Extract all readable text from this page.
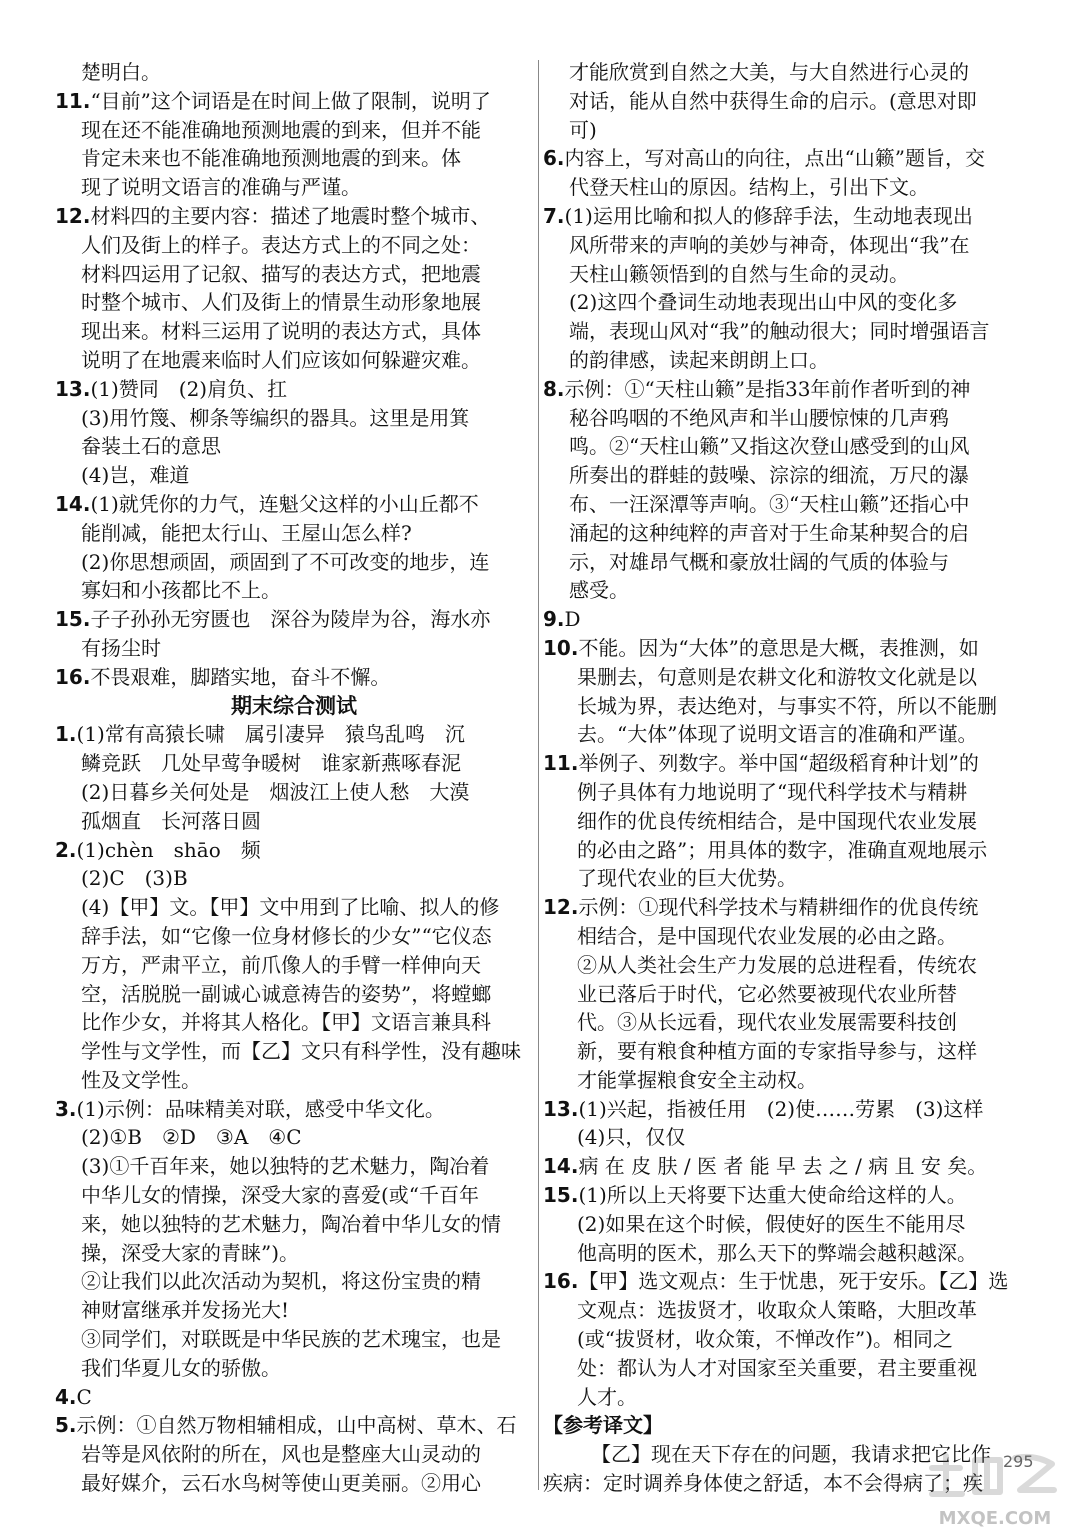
楚明白。
11.“目前”这个词语是在时间上做了限制，说明了
现在还不能准确地预测地震的到来，但并不能
肯定未来也不能准确地预测地震的到来。体
现了说明文语言的准确与严谨。
12.材料四的主要内容：描述了地震时整个城市、
人们及街上的样子。表达方式上的不同之处：
材料四运用了记叙、描写的表达方式，把地震
时整个城市、人们及街上的情景生动形象地展
现出来。材料三运用了说明的表达方式，具体
说明了在地震来临时人们应该如何躲避灾难。
13.(1)赞同　(2)肩负、扛
(3)用竹篾、柳条等编织的器具。这里是用箕
畚装土石的意思
(4)岂，难道
14.(1)就凭你的力气，连魁父这样的小山丘都不
能削减，能把太行山、王屋山怎么样?
(2)你思想顽固，顽固到了不可改变的地步，连
寡妇和小孩都比不上。
15.子子孙孙无穷匮也　深谷为陵岸为谷，海水亦
有扬尘时
16.不畏艰难，脚踏实地，奋斗不懈。
期末综合测试
1.(1)常有高猿长啸　属引凄异　猿鸟乱鸣　沉
鳞竞跃　几处早莺争暖树　谁家新燕啄春泥
(2)日暮乡关何处是　烟波江上使人愁　大漠
孤烟直　长河落日圆
2.(1)chèn　shāo　频
(2)C　(3)B
(4)【甲】文。【甲】文中用到了比喻、拟人的修
辞手法，如“它像一位身材修长的少女”“它仪态
万方，严肃平立，前爪像人的手臂一样伸向天
空，活脱脱一副诚心诚意祷告的姿势”，将螳螂
比作少女，并将其人格化。【甲】文语言兼具科
学性与文学性，而【乙】文只有科学性，没有趣味
性及文学性。
3.(1)示例：品味精美对联，感受中华文化。
(2)①B　②D　③A　④C
(3)①千百年来，她以独特的艺术魅力，陶冶着
中华儿女的情操，深受大家的喜爱(或“千百年
来，她以独特的艺术魅力，陶冶着中华儿女的情
操，深受大家的青睐”)。
②让我们以此次活动为契机，将这份宝贵的精
神财富继承并发扬光大!
③同学们，对联既是中华民族的艺术瑰宝，也是
我们华夏儿女的骄傲。
4.C
5.示例：①自然万物相辅相成，山中高树、草木、石
岩等是风依附的所在，风也是整座大山灵动的
最好媒介，云石水鸟树等使山更美丽。②用心
才能欣赏到自然之大美，与大自然进行心灵的
对话，能从自然中获得生命的启示。(意思对即
可)
6.内容上，写对高山的向往，点出“山籁”题旨，交
代登天柱山的原因。结构上，引出下文。
7.(1)运用比喻和拟人的修辞手法，生动地表现出
风所带来的声响的美妙与神奇，体现出“我”在
天柱山籁领悟到的自然与生命的灵动。
(2)这四个叠词生动地表现出山中风的变化多
端，表现山风对“我”的触动很大；同时增强语言
的韵律感，读起来朗朗上口。
8.示例：①“天柱山籁”是指33年前作者听到的神
秘谷呜咽的不绝风声和半山腰惊悚的几声鸦
鸣。②“天柱山籁”又指这次登山感受到的山风
所奏出的群蛙的鼓噪、淙淙的细流，万尺的瀑
布、一汪深潭等声响。③“天柱山籁”还指心中
涌起的这种纯粹的声音对于生命某种契合的启
示，对雄昂气概和豪放壮阔的气质的体验与
感受。
9.D
10.不能。因为“大体”的意思是大概，表推测，如
果删去，句意则是农耕文化和游牧文化就是以
长城为界，表达绝对，与事实不符，所以不能删
去。“大体”体现了说明文语言的准确和严谨。
11.举例子、列数字。举中国“超级稻育种计划”的
例子具体有力地说明了“现代科学技术与精耕
细作的优良传统相结合，是中国现代农业发展
的必由之路”；用具体的数字，准确直观地展示
了现代农业的巨大优势。
12.示例：①现代科学技术与精耕细作的优良传统
相结合，是中国现代农业发展的必由之路。
②从人类社会生产力发展的总进程看，传统农
业已落后于时代，它必然要被现代农业所替
代。③从长远看，现代农业发展需要科技创
新，要有粮食种植方面的专家指导参与，这样
才能掌握粮食安全主动权。
13.(1)兴起，指被任用　(2)使……劳累　(3)这样
(4)只，仅仅
14.病 在 皮 肤 / 医 者 能 早 去 之 / 病 且 安 矣。
15.(1)所以上天将要下达重大使命给这样的人。
(2)如果在这个时候，假使好的医生不能用尽
他高明的医术，那么天下的弊端会越积越深。
16.【甲】选文观点：生于忧患，死于安乐。【乙】选
文观点：选拔贤才，收取众人策略，大胆改革
(或“拔贤材，收众策，不惮改作”)。相同之
处：都认为人才对国家至关重要，君主要重视
人才。
【参考译文】
【乙】现在天下存在的问题，我请求把它比作
疾病：定时调养身体使之舒适，本不会得病了；疾
295
MXQE.COM
